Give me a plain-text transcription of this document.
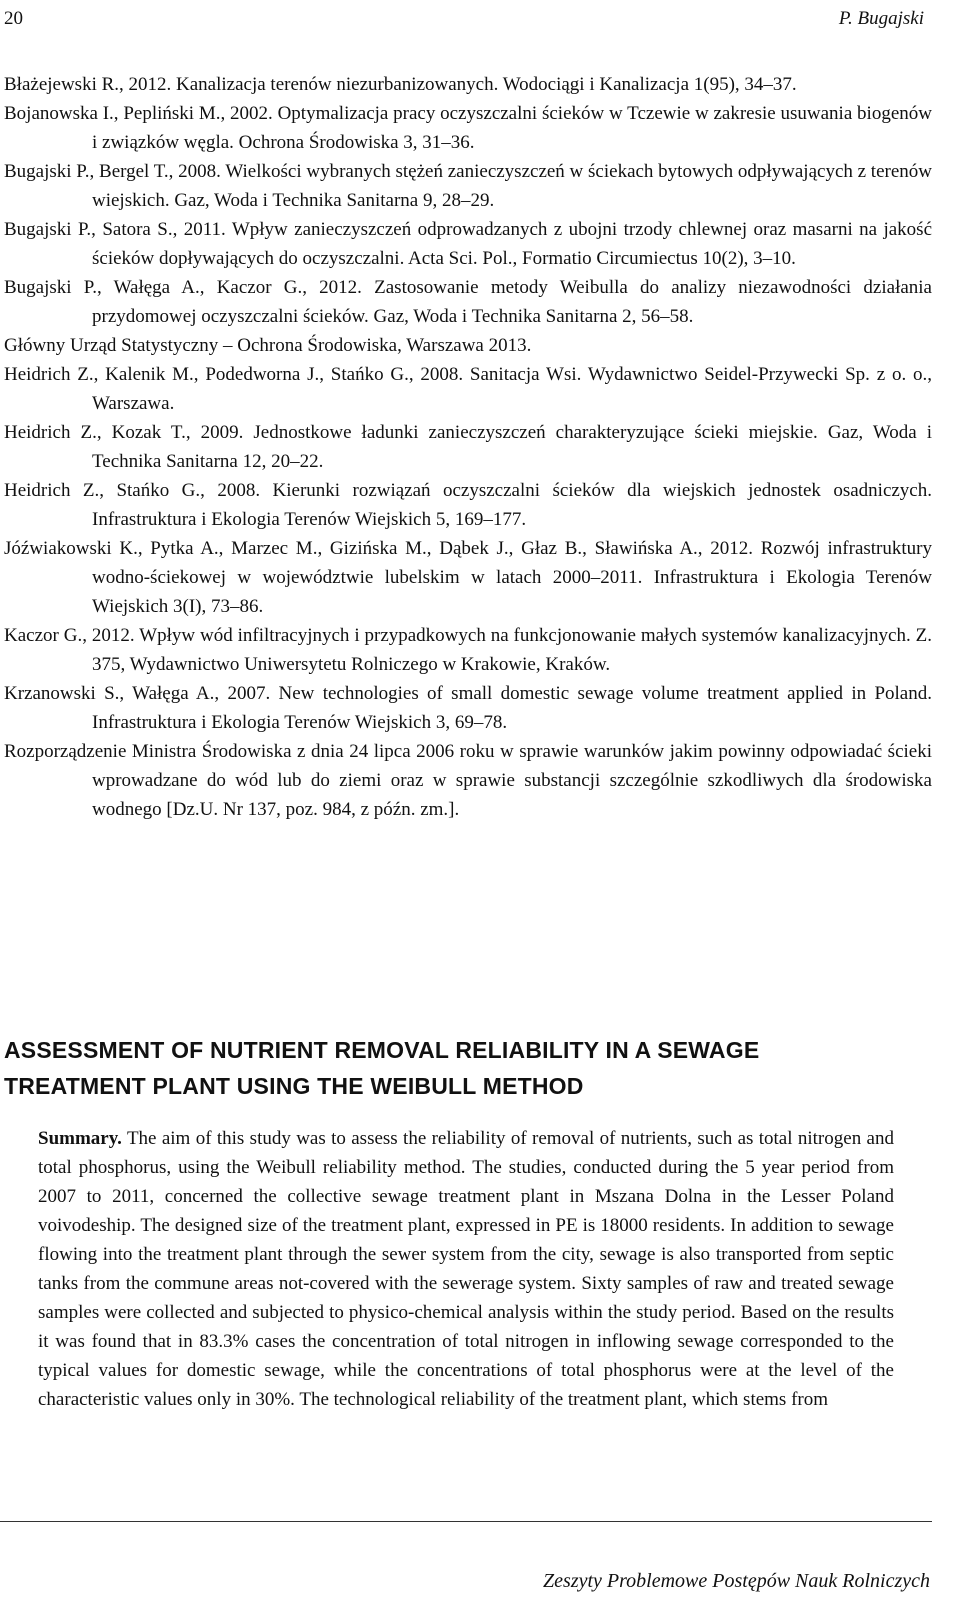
20	P. Bugajski

Błażejewski R., 2012. Kanalizacja terenów niezurbanizowanych. Wodociągi i Kanalizacja 1(95), 34–37.

Bojanowska I., Pepliński M., 2002. Optymalizacja pracy oczyszczalni ścieków w Tczewie w zakresie usuwania biogenów i związków węgla. Ochrona Środowiska 3, 31–36.

Bugajski P., Bergel T., 2008. Wielkości wybranych stężeń zanieczyszczeń w ściekach bytowych odpływających z terenów wiejskich. Gaz, Woda i Technika Sanitarna 9, 28–29.

Bugajski P., Satora S., 2011. Wpływ zanieczyszczeń odprowadzanych z ubojni trzody chlewnej oraz masarni na jakość ścieków dopływających do oczyszczalni. Acta Sci. Pol., Formatio Circumiectus 10(2), 3–10.

Bugajski P., Wałęga A., Kaczor G., 2012. Zastosowanie metody Weibulla do analizy niezawodności działania przydomowej oczyszczalni ścieków. Gaz, Woda i Technika Sanitarna 2, 56–58.

Główny Urząd Statystyczny – Ochrona Środowiska, Warszawa 2013.

Heidrich Z., Kalenik M., Podedworna J., Stańko G., 2008. Sanitacja Wsi. Wydawnictwo Seidel-Przywecki Sp. z o. o., Warszawa.

Heidrich Z., Kozak T., 2009. Jednostkowe ładunki zanieczyszczeń charakteryzujące ścieki miejskie. Gaz, Woda i Technika Sanitarna 12, 20–22.

Heidrich Z., Stańko G., 2008. Kierunki rozwiązań oczyszczalni ścieków dla wiejskich jednostek osadniczych. Infrastruktura i Ekologia Terenów Wiejskich 5, 169–177.

Jóźwiakowski K., Pytka A., Marzec M., Gizińska M., Dąbek J., Głaz B., Sławińska A., 2012. Rozwój infrastruktury wodno-ściekowej w województwie lubelskim w latach 2000–2011. Infrastruktura i Ekologia Terenów Wiejskich 3(I), 73–86.

Kaczor G., 2012. Wpływ wód infiltracyjnych i przypadkowych na funkcjonowanie małych systemów kanalizacyjnych. Z. 375, Wydawnictwo Uniwersytetu Rolniczego w Krakowie, Kraków.

Krzanowski S., Wałęga A., 2007. New technologies of small domestic sewage volume treatment applied in Poland. Infrastruktura i Ekologia Terenów Wiejskich 3, 69–78.

Rozporządzenie Ministra Środowiska z dnia 24 lipca 2006 roku w sprawie warunków jakim powinny odpowiadać ścieki wprowadzane do wód lub do ziemi oraz w sprawie substancji szczególnie szkodliwych dla środowiska wodnego [Dz.U. Nr 137, poz. 984, z późn. zm.].

ASSESSMENT OF NUTRIENT REMOVAL RELIABILITY IN A SEWAGE
TREATMENT PLANT USING THE WEIBULL METHOD
Summary. The aim of this study was to assess the reliability of removal of nutrients, such as total nitrogen and total phosphorus, using the Weibull reliability method. The studies, conducted during the 5 year period from 2007 to 2011, concerned the collective sewage treatment plant in Mszana Dolna in the Lesser Poland voivodeship. The designed size of the treatment plant, expressed in PE is 18000 residents. In addition to sewage flowing into the treatment plant through the sewer system from the city, sewage is also transported from septic tanks from the commune areas not-covered with the sewerage system. Sixty samples of raw and treated sewage samples were collected and subjected to physico-chemical analysis within the study period. Based on the results it was found that in 83.3% cases the concentration of total nitrogen in inflowing sewage corresponded to the typical values for domestic sewage, while the concentrations of total phosphorus were at the level of the characteristic values only in 30%. The technological reliability of the treatment plant, which stems from
Zeszyty Problemowe Postępów Nauk Rolniczych
